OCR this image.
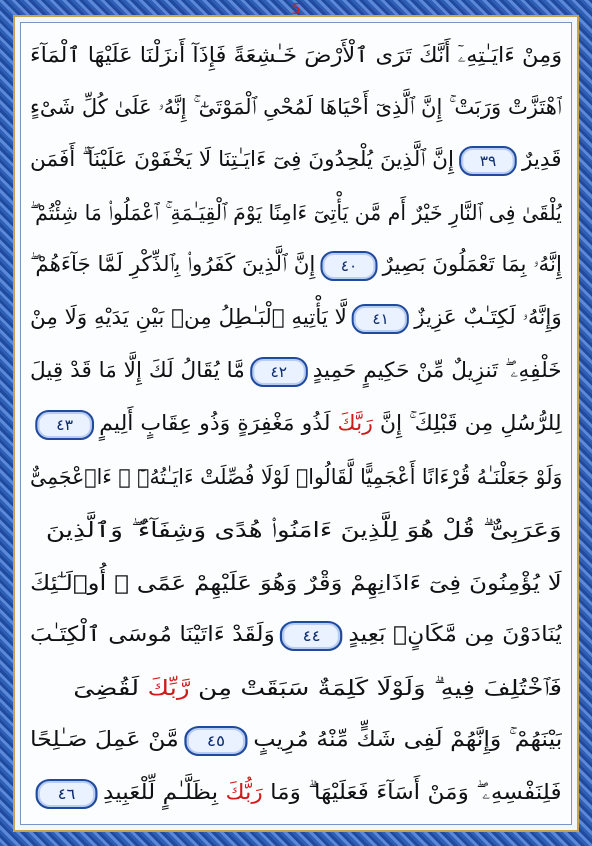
5
وَمِنْ ءَايَـٰتِهِۦٓ أَنَّكَ تَرَى ٱلْأَرْضَ خَـٰشِعَةً فَإِذَآ أَنزَلْنَا عَلَيْهَا ٱلْمَآءَ
ٱهْتَزَّتْ وَرَبَتْ ۚ إِنَّ ٱلَّذِىٓ أَحْيَاهَا لَمُحْىِ ٱلْمَوْتَىٰٓ ۚ إِنَّهُۥ عَلَىٰ كُلِّ شَىْءٍ
قَدِيرٌ٣٩إِنَّ ٱلَّذِينَ يُلْحِدُونَ فِىٓ ءَايَـٰتِنَا لَا يَخْفَوْنَ عَلَيْنَآ ۗ أَفَمَن
يُلْقَىٰ فِى ٱلنَّارِ خَيْرٌ أَم مَّن يَأْتِىٓ ءَامِنًا يَوْمَ ٱلْقِيَـٰمَةِ ۚ ٱعْمَلُوا۟ مَا شِئْتُمْ ۖ
إِنَّهُۥ بِمَا تَعْمَلُونَ بَصِيرٌ٤٠إِنَّ ٱلَّذِينَ كَفَرُوا۟ بِٱلذِّكْرِ لَمَّا جَآءَهُمْ ۖ
وَإِنَّهُۥ لَكِتَـٰبٌ عَزِيزٌ٤١لَّا يَأْتِيهِ ٱلْبَـٰطِلُ مِنۢ بَيْنِ يَدَيْهِ وَلَا مِنْ
خَلْفِهِۦ ۖ تَنزِيلٌ مِّنْ حَكِيمٍ حَمِيدٍ٤٢مَّا يُقَالُ لَكَ إِلَّا مَا قَدْ قِيلَ
لِلرُّسُلِ مِن قَبْلِكَ ۚ إِنَّ رَبَّكَ لَذُو مَغْفِرَةٍ وَذُو عِقَابٍ أَلِيمٍ٤٣
وَلَوْ جَعَلْنَـٰهُ قُرْءَانًا أَعْجَمِيًّا لَّقَالُوا۟ لَوْلَا فُصِّلَتْ ءَايَـٰتُهُۥٓ ۖ ءَا۬عْجَمِىٌّ
وَعَرَبِىٌّ ۗ قُلْ هُوَ لِلَّذِينَ ءَامَنُوا۟ هُدًى وَشِفَآءٌ ۖ وَٱلَّذِينَ
لَا يُؤْمِنُونَ فِىٓ ءَاذَانِهِمْ وَقْرٌ وَهُوَ عَلَيْهِمْ عَمًى ۚ أُو۟لَـٰٓئِكَ
يُنَادَوْنَ مِن مَّكَانٍۭ بَعِيدٍ٤٤وَلَقَدْ ءَاتَيْنَا مُوسَى ٱلْكِتَـٰبَ
فَٱخْتُلِفَ فِيهِ ۗ وَلَوْلَا كَلِمَةٌ سَبَقَتْ مِن رَّبِّكَ لَقُضِىَ
بَيْنَهُمْ ۚ وَإِنَّهُمْ لَفِى شَكٍّ مِّنْهُ مُرِيبٍ٤٥مَّنْ عَمِلَ صَـٰلِحًا
فَلِنَفْسِهِۦ ۖ وَمَنْ أَسَآءَ فَعَلَيْهَا ۗ وَمَا رَبُّكَ بِظَلَّـٰمٍ لِّلْعَبِيدِ٤٦
